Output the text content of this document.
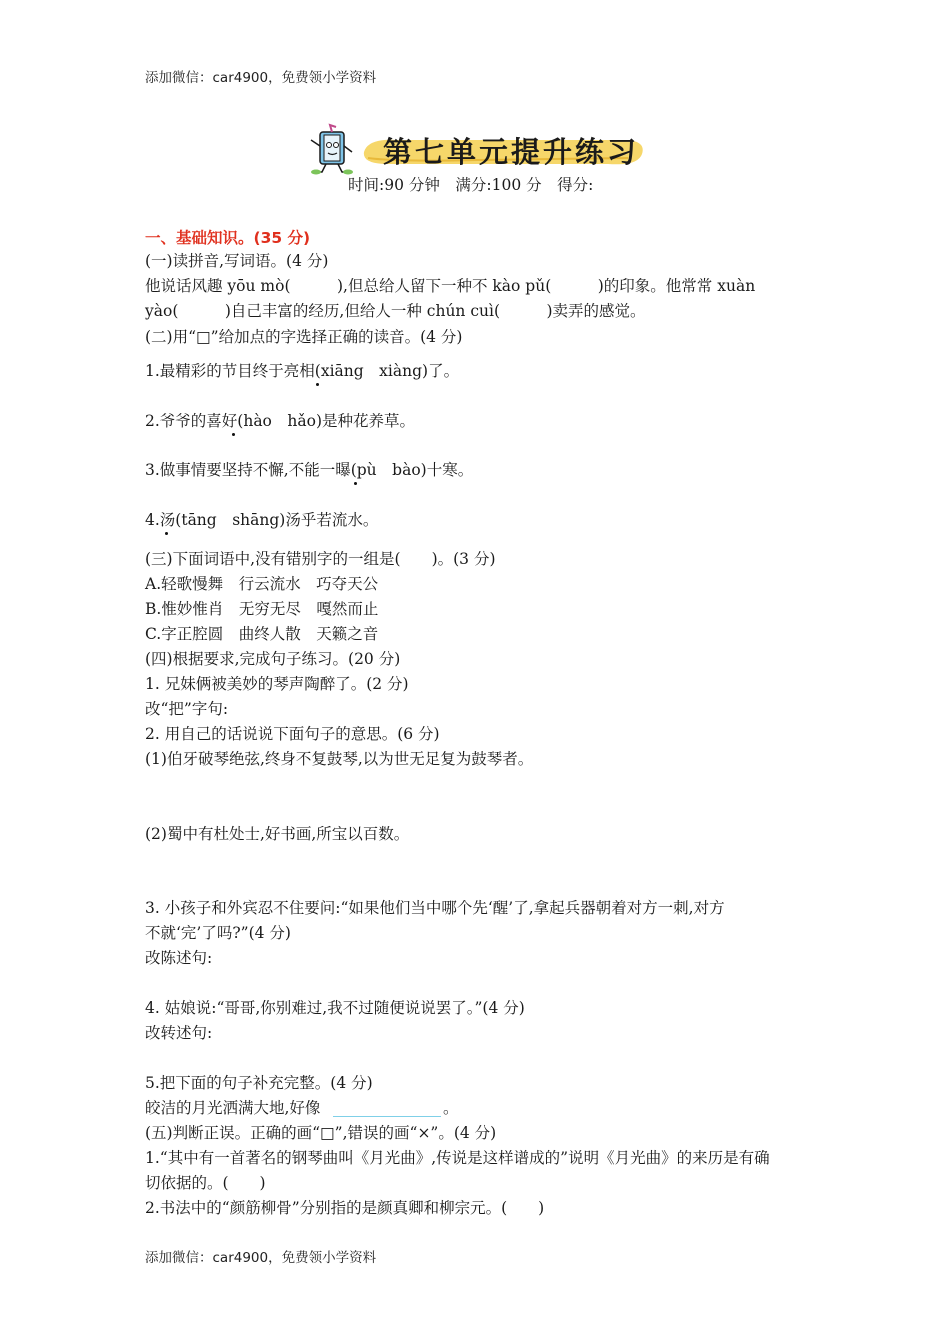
添加微信：car4900，免费领小学资料
第七单元提升练习
时间:90 分钟　满分:100 分　得分:
一、基础知识。(35 分)
(一)读拼音,写词语。(4 分)
他说话风趣 yōu mò(　　　),但总给人留下一种不 kào pǔ(　　　)的印象。他常常 xuàn
yào(　　　)自己丰富的经历,但给人一种 chún cuì(　　　)卖弄的感觉。
(二)用“□”给加点的字选择正确的读音。(4 分)
1.最精彩的节目终于亮相(xiāng　xiàng)了。
2.爷爷的喜好(hào　hǎo)是种花养草。
3.做事情要坚持不懈,不能一曝(pù　bào)十寒。
4.汤(tāng　shāng)汤乎若流水。
(三)下面词语中,没有错别字的一组是(　　)。(3 分)
A.轻歌慢舞　行云流水　巧夺天公
B.惟妙惟肖　无穷无尽　嘎然而止
C.字正腔圆　曲终人散　天籁之音
(四)根据要求,完成句子练习。(20 分)
1. 兄妹俩被美妙的琴声陶醉了。(2 分)
改“把”字句:
2. 用自己的话说说下面句子的意思。(6 分)
(1)伯牙破琴绝弦,终身不复鼓琴,以为世无足复为鼓琴者。
(2)蜀中有杜处士,好书画,所宝以百数。
3. 小孩子和外宾忍不住要问:“如果他们当中哪个先‘醒’了,拿起兵器朝着对方一刺,对方
不就‘完’了吗?”(4 分)
改陈述句:
4. 姑娘说:“哥哥,你别难过,我不过随便说说罢了。”(4 分)
改转述句:
5.把下面的句子补充完整。(4 分)
皎洁的月光洒满大地,好像	。
(五)判断正误。正确的画“□”,错误的画“×”。(4 分)
1.“其中有一首著名的钢琴曲叫《月光曲》,传说是这样谱成的”说明《月光曲》的来历是有确
切依据的。(　　)
2.书法中的“颜筋柳骨”分别指的是颜真卿和柳宗元。(　　)
添加微信：car4900，免费领小学资料
